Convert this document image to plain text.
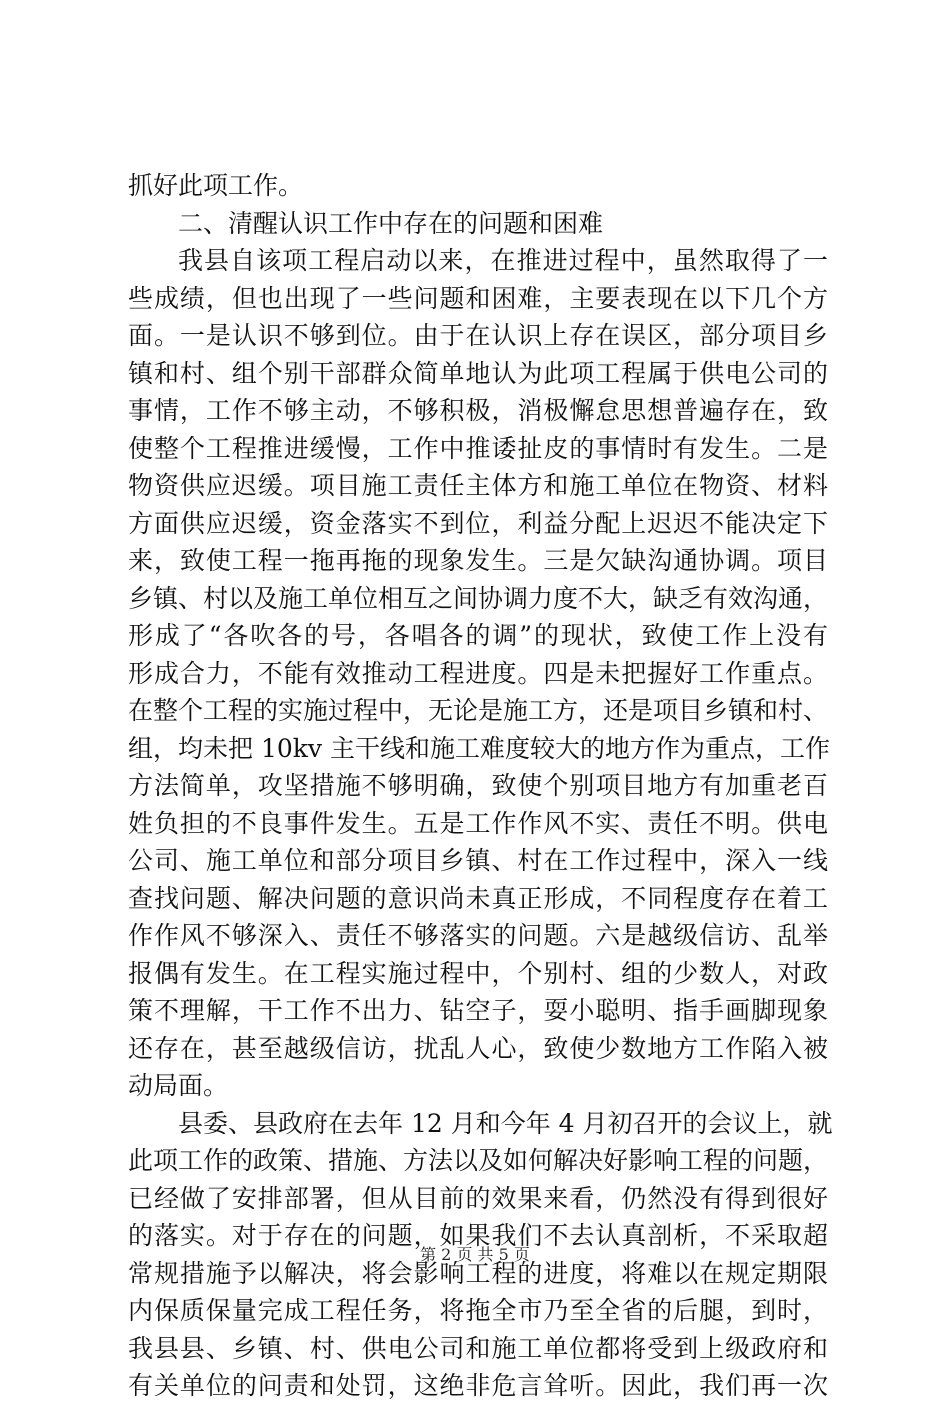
抓好此项工作。
二、清醒认识工作中存在的问题和困难
我县自该项工程启动以来，在推进过程中，虽然取得了一
些成绩，但也出现了一些问题和困难，主要表现在以下几个方
面。一是认识不够到位。由于在认识上存在误区，部分项目乡
镇和村、组个别干部群众简单地认为此项工程属于供电公司的
事情，工作不够主动，不够积极，消极懈怠思想普遍存在，致
使整个工程推进缓慢，工作中推诿扯皮的事情时有发生。二是
物资供应迟缓。项目施工责任主体方和施工单位在物资、材料
方面供应迟缓，资金落实不到位，利益分配上迟迟不能决定下
来，致使工程一拖再拖的现象发生。三是欠缺沟通协调。项目
乡镇、村以及施工单位相互之间协调力度不大，缺乏有效沟通，
形成了“各吹各的号，各唱各的调”的现状，致使工作上没有
形成合力，不能有效推动工程进度。四是未把握好工作重点。
在整个工程的实施过程中，无论是施工方，还是项目乡镇和村、
组，均未把 10kv 主干线和施工难度较大的地方作为重点，工作
方法简单，攻坚措施不够明确，致使个别项目地方有加重老百
姓负担的不良事件发生。五是工作作风不实、责任不明。供电
公司、施工单位和部分项目乡镇、村在工作过程中，深入一线
查找问题、解决问题的意识尚未真正形成，不同程度存在着工
作作风不够深入、责任不够落实的问题。六是越级信访、乱举
报偶有发生。在工程实施过程中，个别村、组的少数人，对政
策不理解，干工作不出力、钻空子，耍小聪明、指手画脚现象
还存在，甚至越级信访，扰乱人心，致使少数地方工作陷入被
动局面。
县委、县政府在去年 12 月和今年 4 月初召开的会议上，就
此项工作的政策、措施、方法以及如何解决好影响工程的问题，
已经做了安排部署，但从目前的效果来看，仍然没有得到很好
的落实。对于存在的问题，如果我们不去认真剖析，不采取超
常规措施予以解决，将会影响工程的进度，将难以在规定期限
内保质保量完成工程任务，将拖全市乃至全省的后腿，到时，
我县县、乡镇、村、供电公司和施工单位都将受到上级政府和
有关单位的问责和处罚，这绝非危言耸听。因此，我们再一次
第 2 页 共 5 页
